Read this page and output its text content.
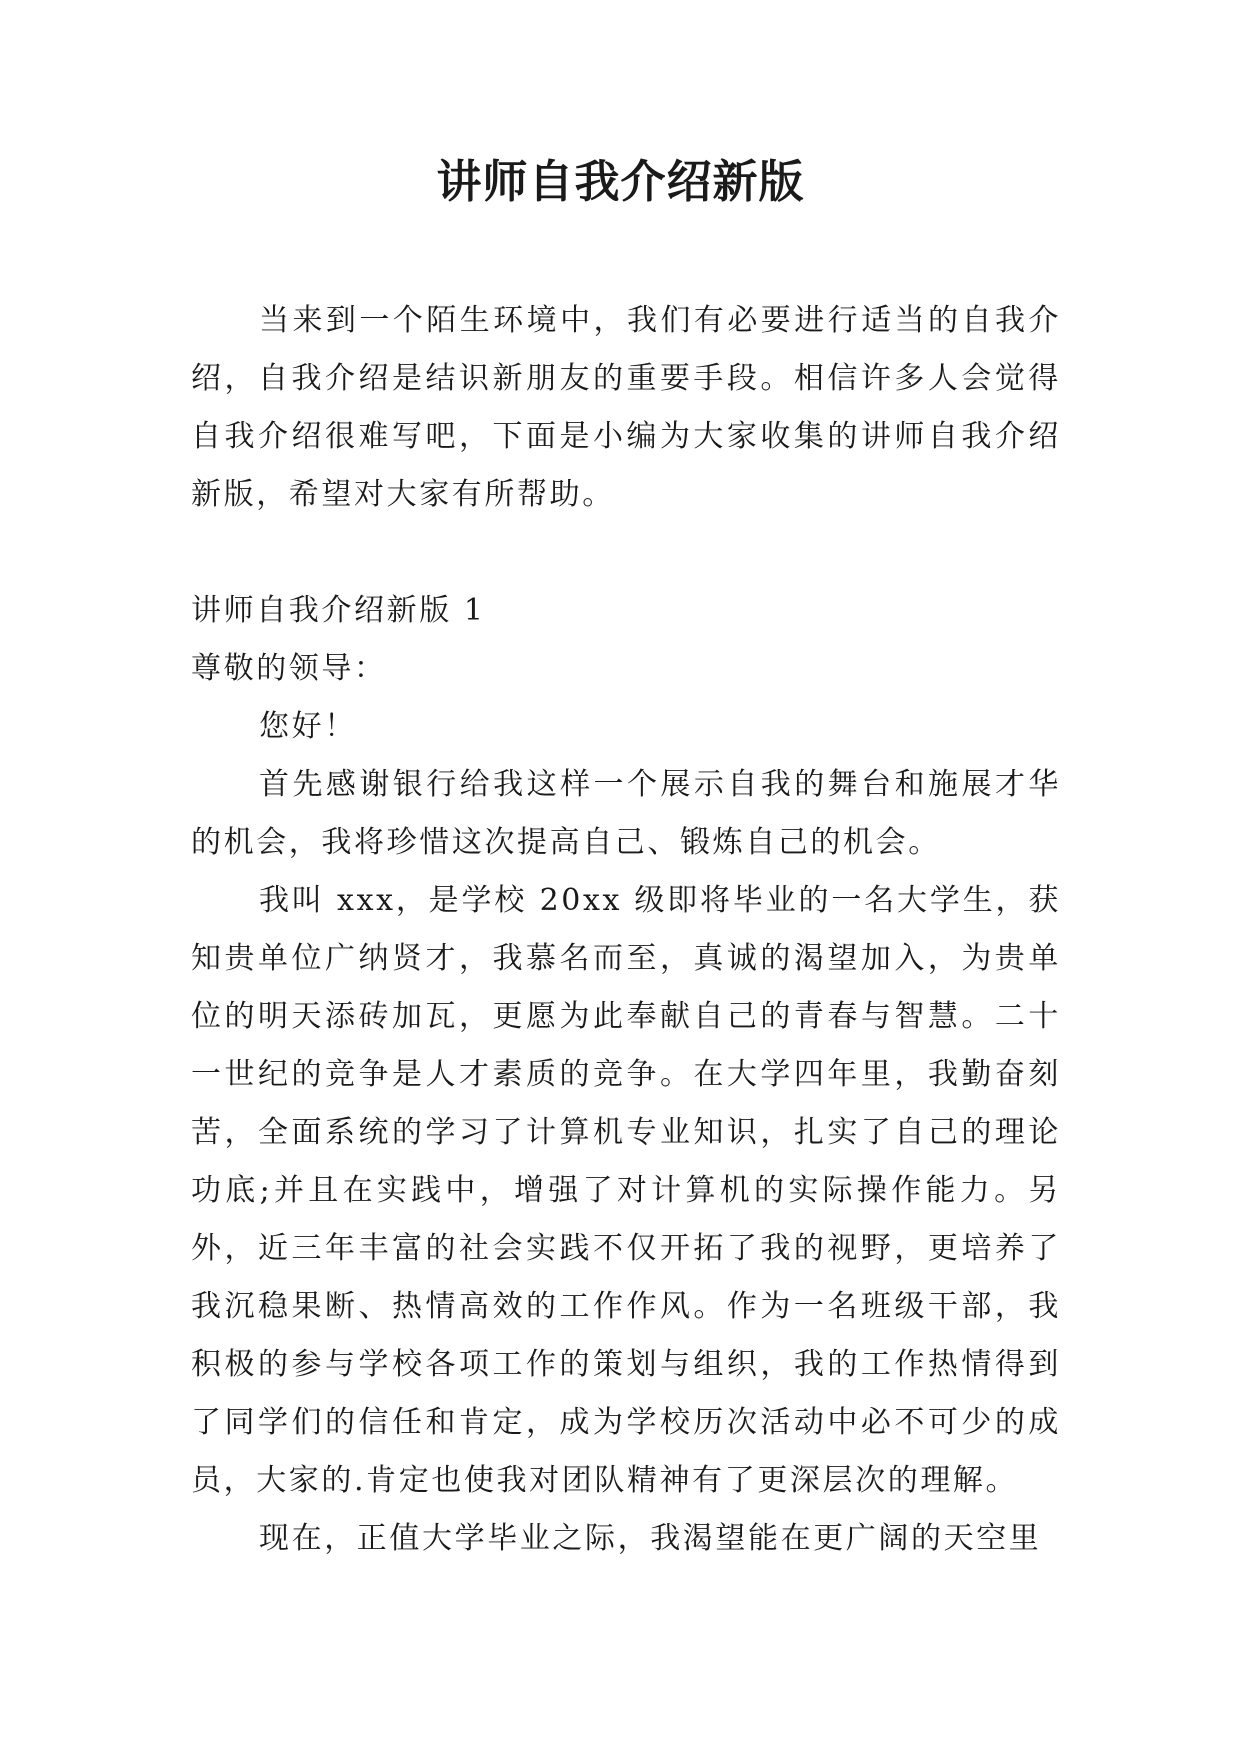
讲师自我介绍新版

当来到一个陌生环境中，我们有必要进行适当的自我介绍，自我介绍是结识新朋友的重要手段。相信许多人会觉得自我介绍很难写吧，下面是小编为大家收集的讲师自我介绍新版，希望对大家有所帮助。

讲师自我介绍新版 1

尊敬的领导：

您好！

首先感谢银行给我这样一个展示自我的舞台和施展才华的机会，我将珍惜这次提高自己、锻炼自己的机会。

我叫 xxx，是学校 20xx 级即将毕业的一名大学生，获知贵单位广纳贤才，我慕名而至，真诚的渴望加入，为贵单位的明天添砖加瓦，更愿为此奉献自己的青春与智慧。二十一世纪的竞争是人才素质的竞争。在大学四年里，我勤奋刻苦，全面系统的学习了计算机专业知识，扎实了自己的理论功底;并且在实践中，增强了对计算机的实际操作能力。另外，近三年丰富的社会实践不仅开拓了我的视野，更培养了我沉稳果断、热情高效的工作作风。作为一名班级干部，我积极的参与学校各项工作的策划与组织，我的工作热情得到了同学们的信任和肯定，成为学校历次活动中必不可少的成员，大家的.肯定也使我对团队精神有了更深层次的理解。

现在，正值大学毕业之际，我渴望能在更广阔的天空里
